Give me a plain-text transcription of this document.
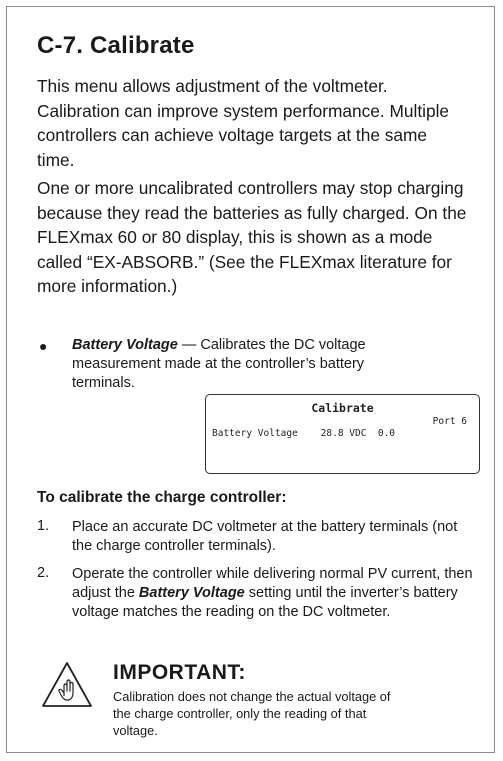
C-7. Calibrate
This menu allows adjustment of the voltmeter. Calibration can improve system performance. Multiple controllers can achieve voltage targets at the same time.
One or more uncalibrated controllers may stop charging because they read the batteries as fully charged. On the FLEXmax 60 or 80 display, this is shown as a mode called “EX-ABSORB.” (See the FLEXmax literature for more information.)
● Battery Voltage — Calibrates the DC voltage measurement made at the controller’s battery terminals.
Calibrate
Port 6
Battery Voltage    28.8 VDC  0.0
To calibrate the charge controller:
1. Place an accurate DC voltmeter at the battery terminals (not the charge controller terminals).
2. Operate the controller while delivering normal PV current, then adjust the Battery Voltage setting until the inverter’s battery voltage matches the reading on the DC voltmeter.
IMPORTANT:
Calibration does not change the actual voltage of the charge controller, only the reading of that voltage.
